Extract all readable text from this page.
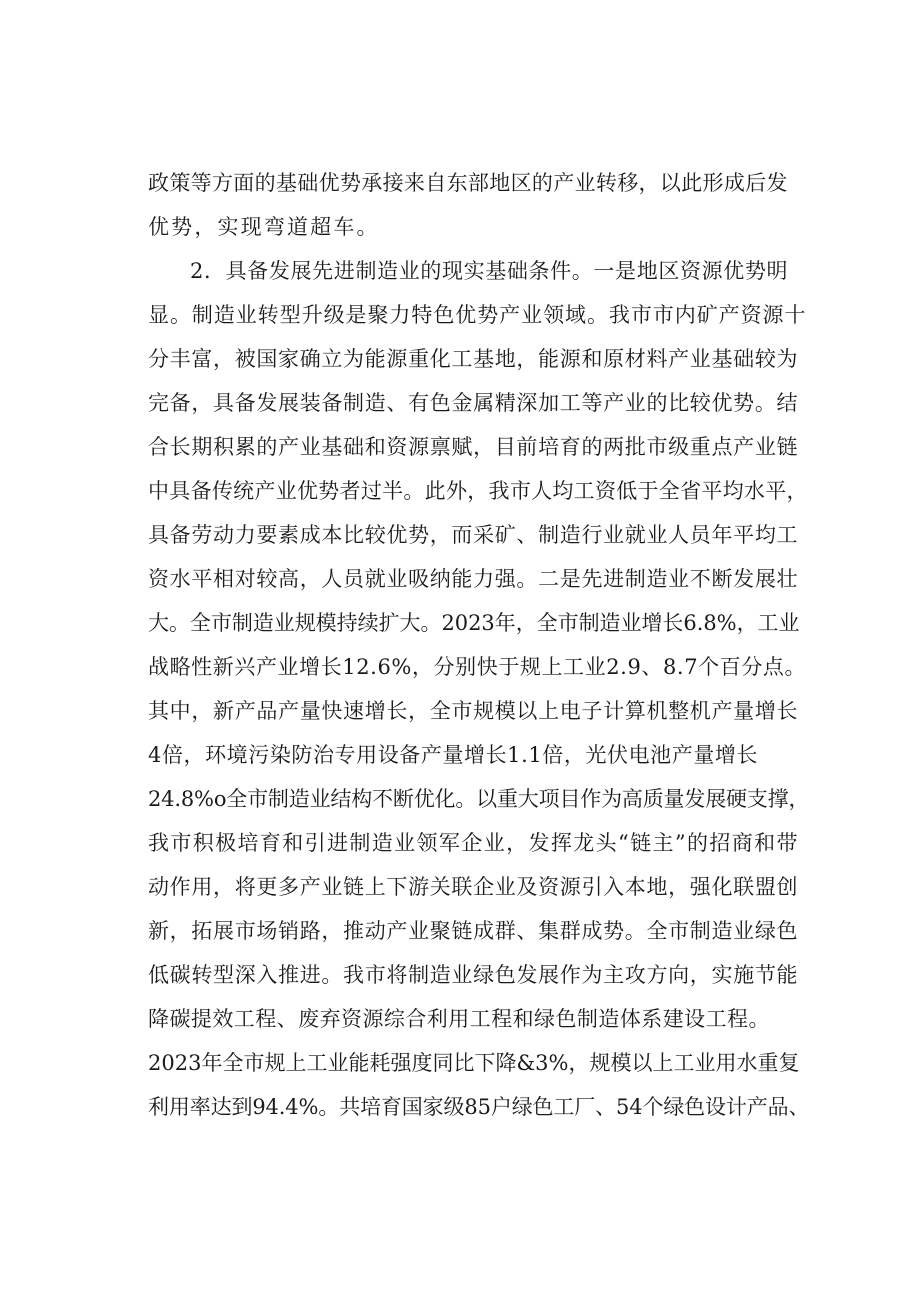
政策等方面的基础优势承接来自东部地区的产业转移，以此形成后发
优势，实现弯道超车。
2．具备发展先进制造业的现实基础条件。一是地区资源优势明
显。制造业转型升级是聚力特色优势产业领域。我市市内矿产资源十
分丰富，被国家确立为能源重化工基地，能源和原材料产业基础较为
完备，具备发展装备制造、有色金属精深加工等产业的比较优势。结
合长期积累的产业基础和资源禀赋，目前培育的两批市级重点产业链
中具备传统产业优势者过半。此外，我市人均工资低于全省平均水平，
具备劳动力要素成本比较优势，而采矿、制造行业就业人员年平均工
资水平相对较高，人员就业吸纳能力强。二是先进制造业不断发展壮
大。全市制造业规模持续扩大。2023年，全市制造业增长6.8%，工业
战略性新兴产业增长12.6%，分别快于规上工业2.9、8.7个百分点。
其中，新产品产量快速增长，全市规模以上电子计算机整机产量增长
4倍，环境污染防治专用设备产量增长1.1倍，光伏电池产量增长
24.8%o全市制造业结构不断优化。以重大项目作为高质量发展硬支撑，
我市积极培育和引进制造业领军企业，发挥龙头“链主”的招商和带
动作用，将更多产业链上下游关联企业及资源引入本地，强化联盟创
新，拓展市场销路，推动产业聚链成群、集群成势。全市制造业绿色
低碳转型深入推进。我市将制造业绿色发展作为主攻方向，实施节能
降碳提效工程、废弃资源综合利用工程和绿色制造体系建设工程。
2023年全市规上工业能耗强度同比下降&3%，规模以上工业用水重复
利用率达到94.4%。共培育国家级85户绿色工厂、54个绿色设计产品、
